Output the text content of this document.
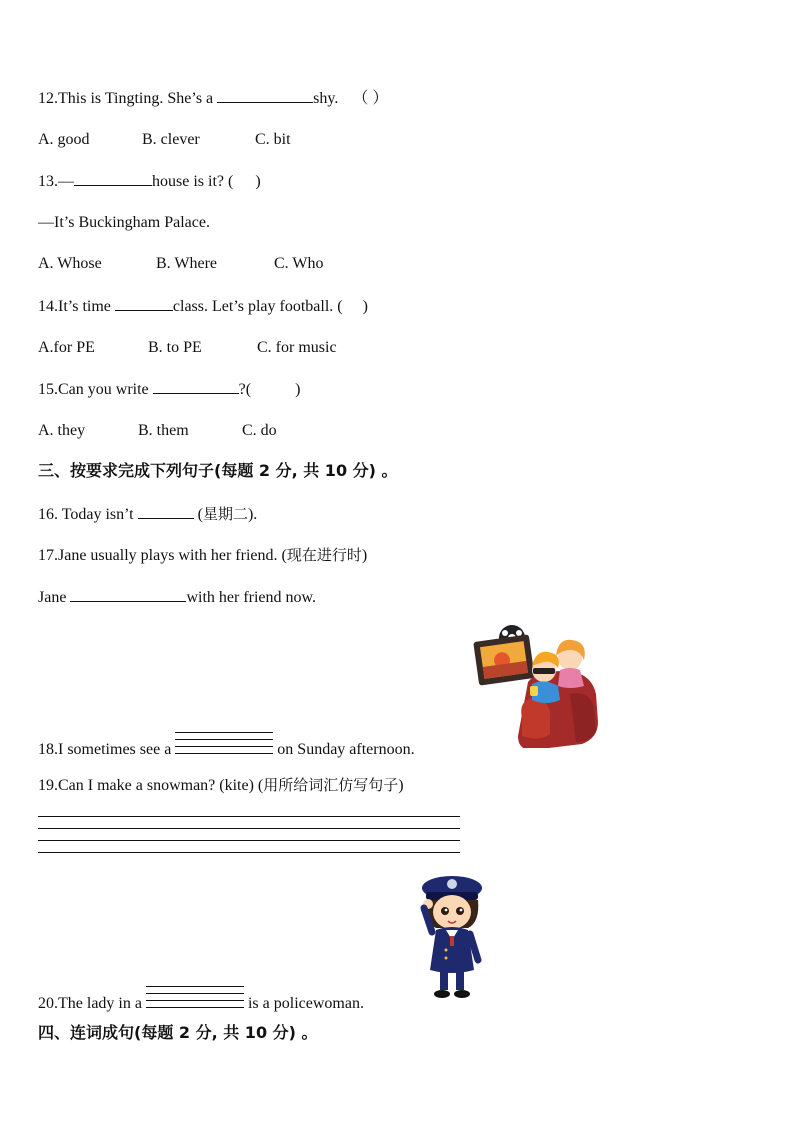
12.This is Tingting. She’s a	shy. （ ）
A. good	B. clever	C. bit
13.—	house is it? ( )
—It’s Buckingham Palace.
A. Whose	B. Where	C. Who
14.It’s time	class. Let’s play football. ( )
A.for PE	B. to PE	C. for music
15.Can you write	?(	)
A. they	B. them	C. do
三、按要求完成下列句子(每题 2 分, 共 10 分) 。
16. Today isn’t	(星期二).
17.Jane usually plays with her friend. (现在进行时)
Jane	with her friend now.
18.I sometimes see a	on Sunday afternoon.
19.Can I make a snowman? (kite) (用所给词汇仿写句子)
20.The lady in a	is a policewoman.
四、连词成句(每题 2 分, 共 10 分) 。
